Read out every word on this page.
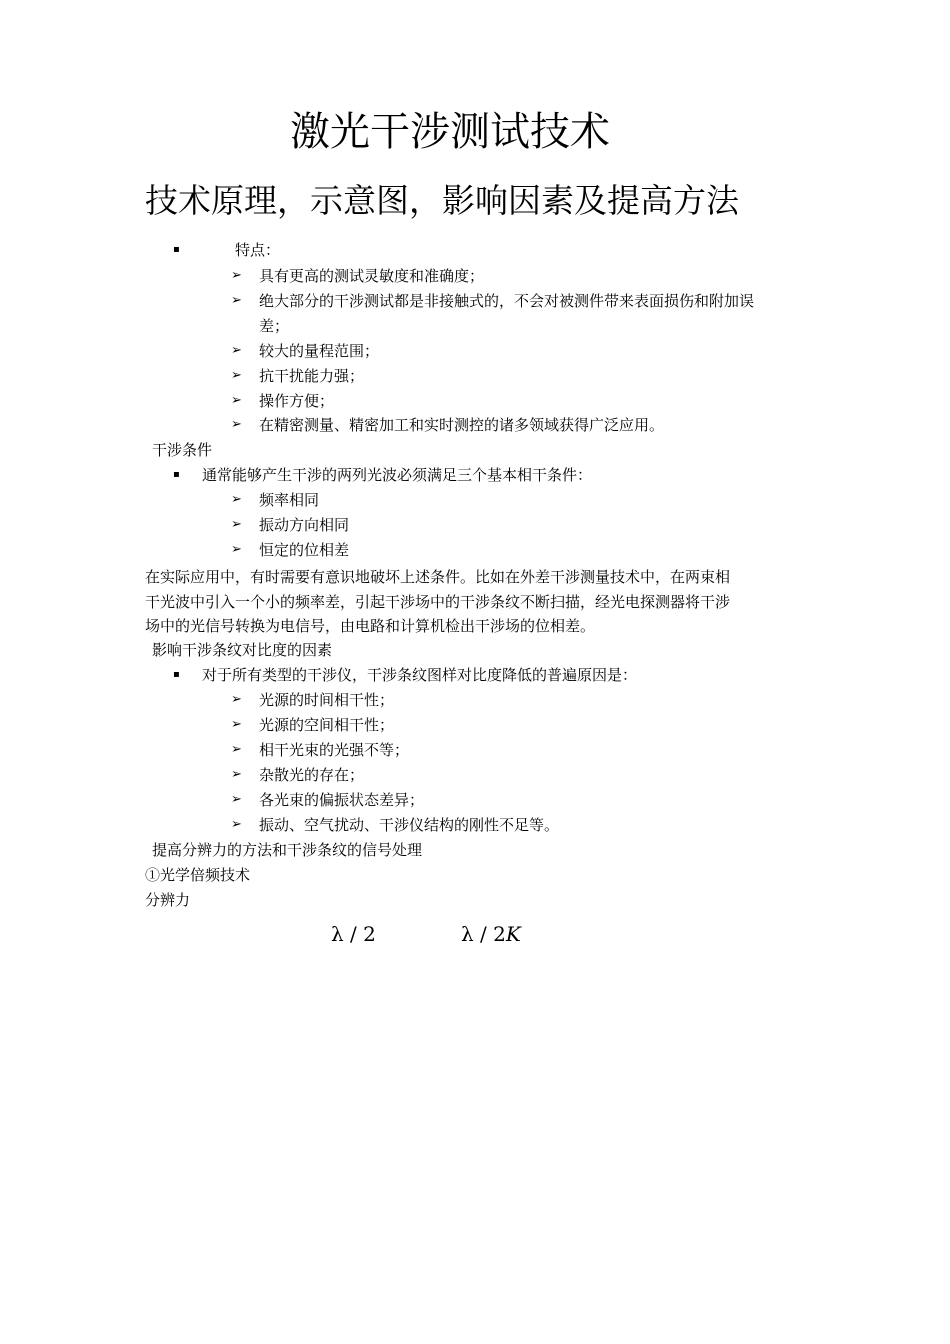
激光干涉测试技术
技术原理，示意图，影响因素及提高方法
▪	特点：
➢ 具有更高的测试灵敏度和准确度；
➢ 绝大部分的干涉测试都是非接触式的，不会对被测件带来表面损伤和附加误
差；
➢ 较大的量程范围；
➢ 抗干扰能力强；
➢ 操作方便；
➢ 在精密测量、精密加工和实时测控的诸多领域获得广泛应用。
干涉条件
▪ 通常能够产生干涉的两列光波必须满足三个基本相干条件：
➢ 频率相同
➢ 振动方向相同
➢ 恒定的位相差
在实际应用中，有时需要有意识地破坏上述条件。比如在外差干涉测量技术中，在两束相
干光波中引入一个小的频率差，引起干涉场中的干涉条纹不断扫描，经光电探测器将干涉
场中的光信号转换为电信号，由电路和计算机检出干涉场的位相差。
影响干涉条纹对比度的因素
▪ 对于所有类型的干涉仪，干涉条纹图样对比度降低的普遍原因是：
➢ 光源的时间相干性；
➢ 光源的空间相干性；
➢ 相干光束的光强不等；
➢ 杂散光的存在；
➢ 各光束的偏振状态差异；
➢ 振动、空气扰动、干涉仪结构的刚性不足等。
提高分辨力的方法和干涉条纹的信号处理
①光学倍频技术
分辨力
λ / 2	λ / 2K
